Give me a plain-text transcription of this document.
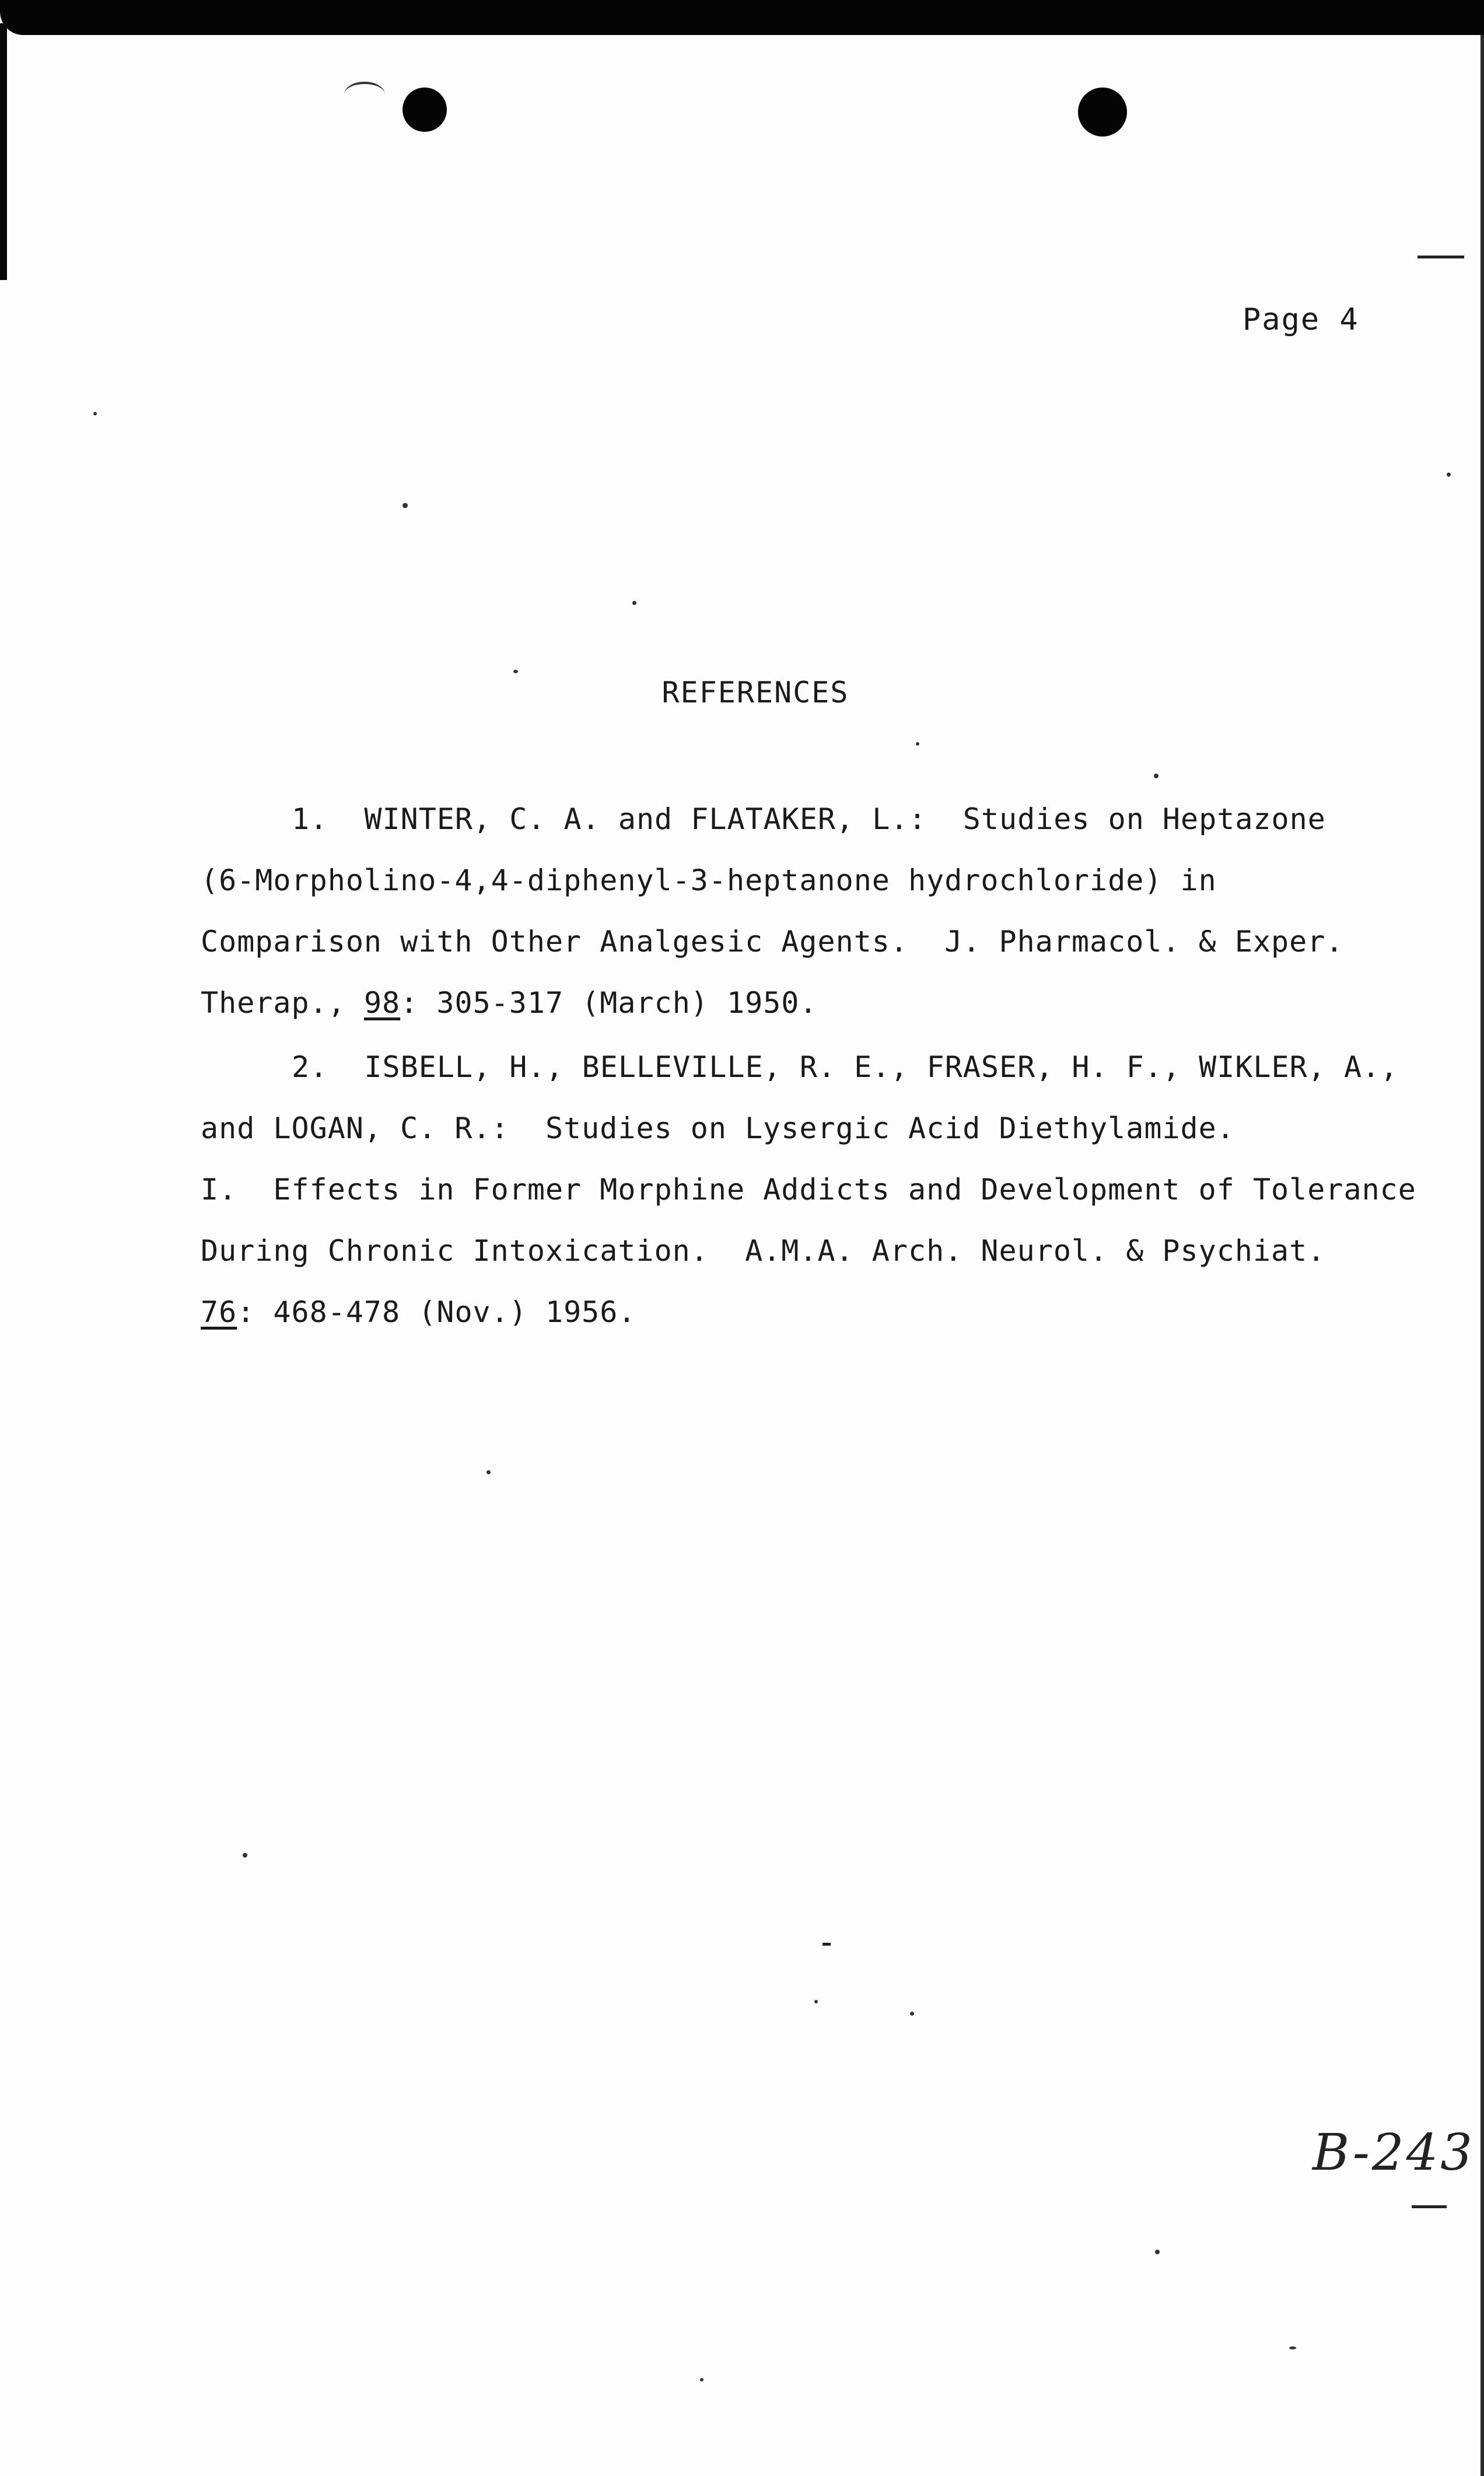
Page 4
REFERENCES
1.  WINTER, C. A. and FLATAKER, L.:  Studies on Heptazone
(6-Morpholino-4,4-diphenyl-3-heptanone hydrochloride) in
Comparison with Other Analgesic Agents.  J. Pharmacol. & Exper.
Therap., 98: 305-317 (March) 1950.
2.  ISBELL, H., BELLEVILLE, R. E., FRASER, H. F., WIKLER, A.,
and LOGAN, C. R.:  Studies on Lysergic Acid Diethylamide.
I.  Effects in Former Morphine Addicts and Development of Tolerance
During Chronic Intoxication.  A.M.A. Arch. Neurol. & Psychiat.
76: 468-478 (Nov.) 1956.
B-243
